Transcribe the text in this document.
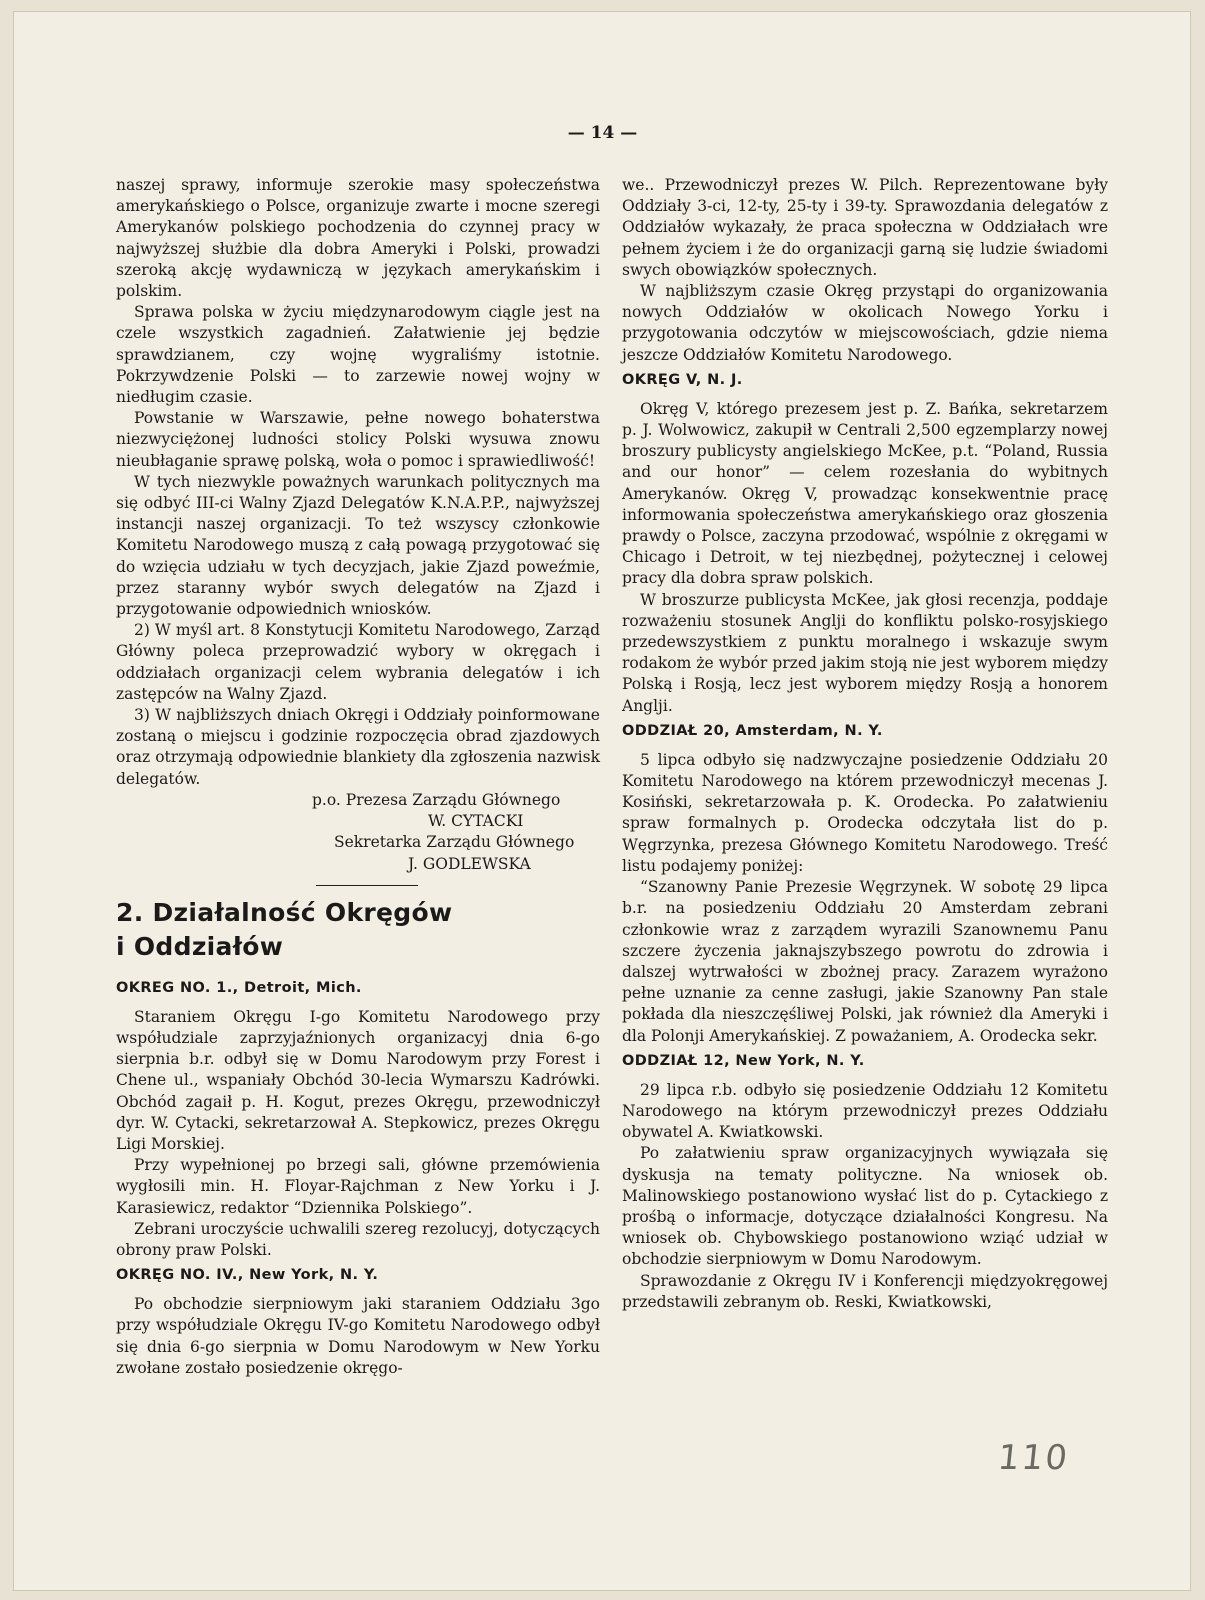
— 14 —

naszej sprawy, informuje szerokie masy społeczeństwa amerykańskiego o Polsce, organizuje zwarte i mocne szeregi Amerykanów polskiego pochodzenia do czynnej pracy w najwyższej służbie dla dobra Ameryki i Polski, prowadzi szeroką akcję wydawniczą w językach amerykańskim i polskim.

Sprawa polska w życiu międzynarodowym ciągle jest na czele wszystkich zagadnień. Załatwienie jej będzie sprawdzianem, czy wojnę wygraliśmy istotnie. Pokrzywdzenie Polski — to zarzewie nowej wojny w niedługim czasie.

Powstanie w Warszawie, pełne nowego bohaterstwa niezwyciężonej ludności stolicy Polski wysuwa znowu nieubłaganie sprawę polską, woła o pomoc i sprawiedliwość!

W tych niezwykle poważnych warunkach politycznych ma się odbyć III-ci Walny Zjazd Delegatów K.N.A.P.P., najwyższej instancji naszej organizacji. To też wszyscy członkowie Komitetu Narodowego muszą z całą powagą przygotować się do wzięcia udziału w tych decyzjach, jakie Zjazd poweźmie, przez staranny wybór swych delegatów na Zjazd i przygotowanie odpowiednich wniosków.

2) W myśl art. 8 Konstytucji Komitetu Narodowego, Zarząd Główny poleca przeprowadzić wybory w okręgach i oddziałach organizacji celem wybrania delegatów i ich zastępców na Walny Zjazd.

3) W najbliższych dniach Okręgi i Oddziały poinformowane zostaną o miejscu i godzinie rozpoczęcia obrad zjazdowych oraz otrzymają odpowiednie blankiety dla zgłoszenia nazwisk delegatów.

p.o. Prezesa Zarządu Głównego
W. CYTACKI
Sekretarka Zarządu Głównego
J. GODLEWSKA
2. Działalność Okręgów
i Oddziałów
OKREG NO. 1., Detroit, Mich.

Staraniem Okręgu I-go Komitetu Narodowego przy współudziale zaprzyjaźnionych organizacyj dnia 6-go sierpnia b.r. odbył się w Domu Narodowym przy Forest i Chene ul., wspaniały Obchód 30-lecia Wymarszu Kadrówki. Obchód zagaił p. H. Kogut, prezes Okręgu, przewodniczył dyr. W. Cytacki, sekretarzował A. Stepkowicz, prezes Okręgu Ligi Morskiej.

Przy wypełnionej po brzegi sali, główne przemówienia wygłosili min. H. Floyar-Rajchman z New Yorku i J. Karasiewicz, redaktor “Dziennika Polskiego”.

Zebrani uroczyście uchwalili szereg rezolucyj, dotyczących obrony praw Polski.

OKRĘG NO. IV., New York, N. Y.

Po obchodzie sierpniowym jaki staraniem Oddziału 3go przy współudziale Okręgu IV-go Komitetu Narodowego odbył się dnia 6-go sierpnia w Domu Narodowym w New Yorku zwołane zostało posiedzenie okręgo-

we.. Przewodniczył prezes W. Pilch. Reprezentowane były Oddziały 3-ci, 12-ty, 25-ty i 39-ty. Sprawozdania delegatów z Oddziałów wykazały, że praca społeczna w Oddziałach wre pełnem życiem i że do organizacji garną się ludzie świadomi swych obowiązków społecznych.

W najbliższym czasie Okręg przystąpi do organizowania nowych Oddziałów w okolicach Nowego Yorku i przygotowania odczytów w miejscowościach, gdzie niema jeszcze Oddziałów Komitetu Narodowego.

OKRĘG V, N. J.

Okręg V, którego prezesem jest p. Z. Bańka, sekretarzem p. J. Wolwowicz, zakupił w Centrali 2,500 egzemplarzy nowej broszury publicysty angielskiego McKee, p.t. “Poland, Russia and our honor” — celem rozesłania do wybitnych Amerykanów. Okręg V, prowadząc konsekwentnie pracę informowania społeczeństwa amerykańskiego oraz głoszenia prawdy o Polsce, zaczyna przodować, wspólnie z okręgami w Chicago i Detroit, w tej niezbędnej, pożytecznej i celowej pracy dla dobra spraw polskich.

W broszurze publicysta McKee, jak głosi recenzja, poddaje rozważeniu stosunek Anglji do konfliktu polsko-rosyjskiego przedewszystkiem z punktu moralnego i wskazuje swym rodakom że wybór przed jakim stoją nie jest wyborem między Polską i Rosją, lecz jest wyborem między Rosją a honorem Anglji.

ODDZIAŁ 20, Amsterdam, N. Y.

5 lipca odbyło się nadzwyczajne posiedzenie Oddziału 20 Komitetu Narodowego na którem przewodniczył mecenas J. Kosiński, sekretarzowała p. K. Orodecka. Po załatwieniu spraw formalnych p. Orodecka odczytała list do p. Węgrzynka, prezesa Głównego Komitetu Narodowego. Treść listu podajemy poniżej:

“Szanowny Panie Prezesie Węgrzynek. W sobotę 29 lipca b.r. na posiedzeniu Oddziału 20 Amsterdam zebrani członkowie wraz z zarządem wyrazili Szanownemu Panu szczere życzenia jaknajszybszego powrotu do zdrowia i dalszej wytrwałości w zbożnej pracy. Zarazem wyrażono pełne uznanie za cenne zasługi, jakie Szanowny Pan stale pokłada dla nieszczęśliwej Polski, jak również dla Ameryki i dla Polonji Amerykańskiej. Z poważaniem, A. Orodecka sekr.

ODDZIAŁ 12, New York, N. Y.

29 lipca r.b. odbyło się posiedzenie Oddziału 12 Komitetu Narodowego na którym przewodniczył prezes Oddziału obywatel A. Kwiatkowski.

Po załatwieniu spraw organizacyjnych wywiązała się dyskusja na tematy polityczne. Na wniosek ob. Malinowskiego postanowiono wysłać list do p. Cytackiego z prośbą o informacje, dotyczące działalności Kongresu. Na wniosek ob. Chybowskiego postanowiono wziąć udział w obchodzie sierpniowym w Domu Narodowym.

Sprawozdanie z Okręgu IV i Konferencji międzyokręgowej przedstawili zebranym ob. Reski, Kwiatkowski,

110
